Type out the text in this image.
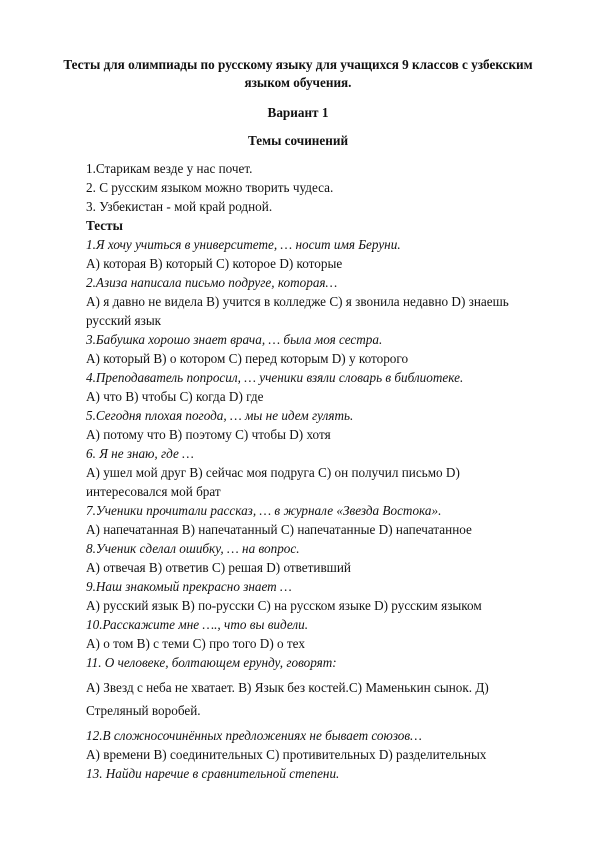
Тесты для олимпиады по русскому языку для учащихся 9 классов с узбекским языком обучения.
Вариант 1
Темы сочинений
1.Старикам везде у нас почет.
2. С русским языком можно творить чудеса.
3. Узбекистан - мой край родной.
Тесты
1.Я хочу учиться в университете, … носит имя Беруни.
А) которая В) который С) которое D) которые
2.Азиза написала письмо подруге, которая…
А) я давно не видела В) учится в колледже С) я звонила недавно D) знаешь русский язык
3.Бабушка хорошо знает врача, … была моя сестра.
А) который В) о котором С) перед которым D) у которого
4.Преподаватель попросил, … ученики взяли словарь в библиотеке.
А) что В) чтобы С) когда D) где
5.Сегодня плохая погода, … мы не идем гулять.
А) потому что В) поэтому С) чтобы D) хотя
6. Я не знаю, где …
А) ушел мой друг В) сейчас моя подруга С) он получил письмо D) интересовался мой брат
7.Ученики прочитали рассказ, … в журнале «Звезда Востока».
А) напечатанная В) напечатанный С) напечатанные D) напечатанное
8.Ученик сделал ошибку, … на вопрос.
А) отвечая В) ответив С) решая D) ответивший
9.Наш знакомый прекрасно знает …
А) русский язык В) по-русски С) на русском языке D) русским языком
10.Расскажите мне …., что вы видели.
А) о том В) с теми С) про того D) о тех
11. О человеке, болтающем ерунду, говорят:
А) Звезд с неба не хватает. В) Язык без костей.С) Маменькин сынок. Д) Стреляный воробей.
12.В сложносочинённых предложениях не бывает союзов…
А) времени В) соединительных С) противительных D) разделительных
13. Найди наречие в сравнительной степени.
